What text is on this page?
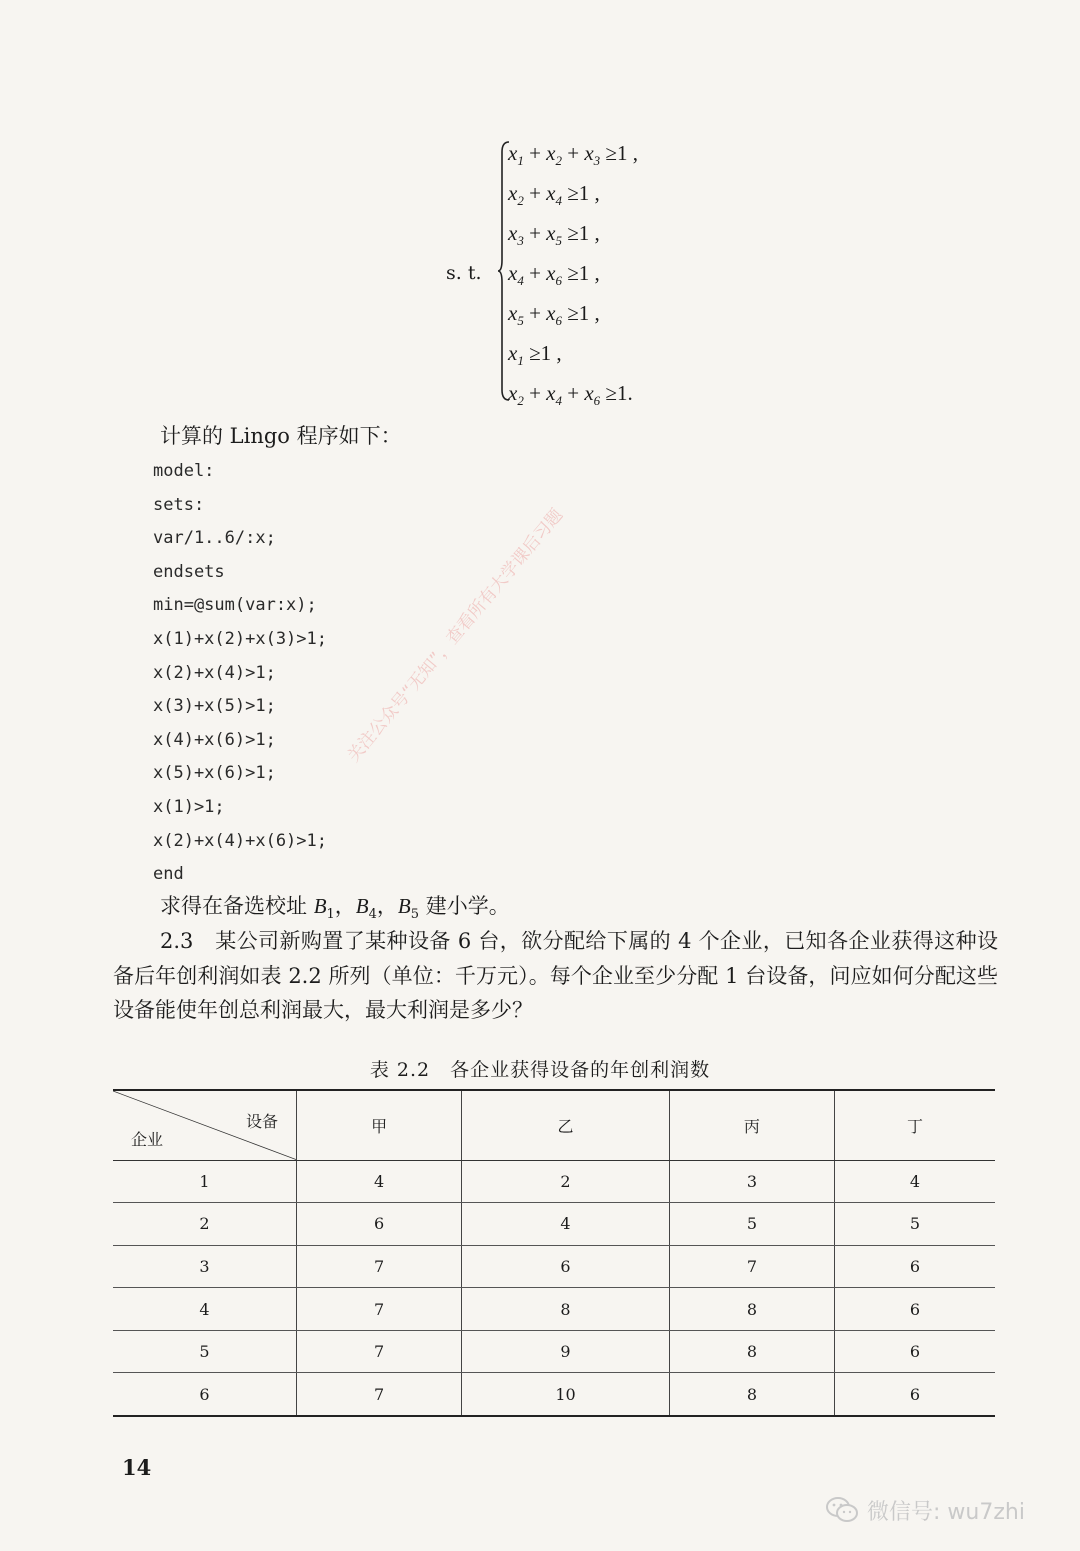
s. t.
$x_1 + x_2 + x_3 \ge 1$ ,
$x_2 + x_4 \ge 1$ ,
$x_3 + x_5 \ge 1$ ,
$x_4 + x_6 \ge 1$ ,
$x_5 + x_6 \ge 1$ ,
$x_1 \ge 1$ ,
$x_2 + x_4 + x_6 \ge 1$.
计算的 Lingo 程序如下：
model:
sets:
var/1..6/:x;
endsets
min=@sum(var:x);
x(1)+x(2)+x(3)>1;
x(2)+x(4)>1;
x(3)+x(5)>1;
x(4)+x(6)>1;
x(5)+x(6)>1;
x(1)>1;
x(2)+x(4)+x(6)>1;
end
求得在备选校址 $B_1$，$B_4$，$B_5$ 建小学。

2.3　某公司新购置了某种设备 6 台，欲分配给下属的 4 个企业，已知各企业获得这种设备后年创利润如表 2.2 所列（单位：千万元）。每个企业至少分配 1 台设备，问应如何分配这些设备能使年创总利润最大，最大利润是多少？

表 2.2　各企业获得设备的年创利润数
设备
企业	甲	乙	丙	丁
1	4	2	3	4
2	6	4	5	5
3	7	6	7	6
4	7	8	8	6
5	7	9	8	6
6	7	10	8	6
14
关注公众号“无知”，查看所有大学课后习题
微信号: wu7zhi
